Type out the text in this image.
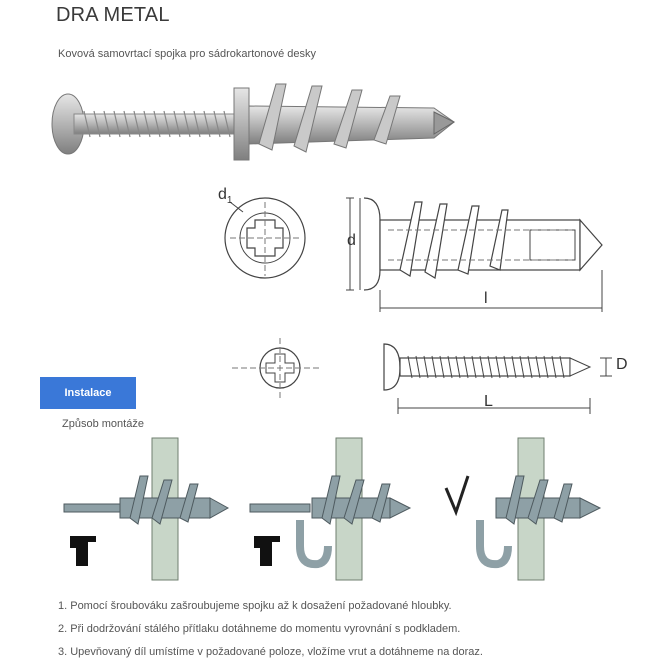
DRA METAL
Kovová samovrtací spojka pro sádrokartonové desky
$d_1$
d
l
D
L
Instalace
Způsob montáže
1. Pomocí šroubováku zašroubujeme spojku až k dosažení požadované hloubky.
2. Při dodržování stálého přítlaku dotáhneme do momentu vyrovnání s podkladem.
3. Upevňovaný díl umístíme v požadované poloze, vložíme vrut a dotáhneme na doraz.
